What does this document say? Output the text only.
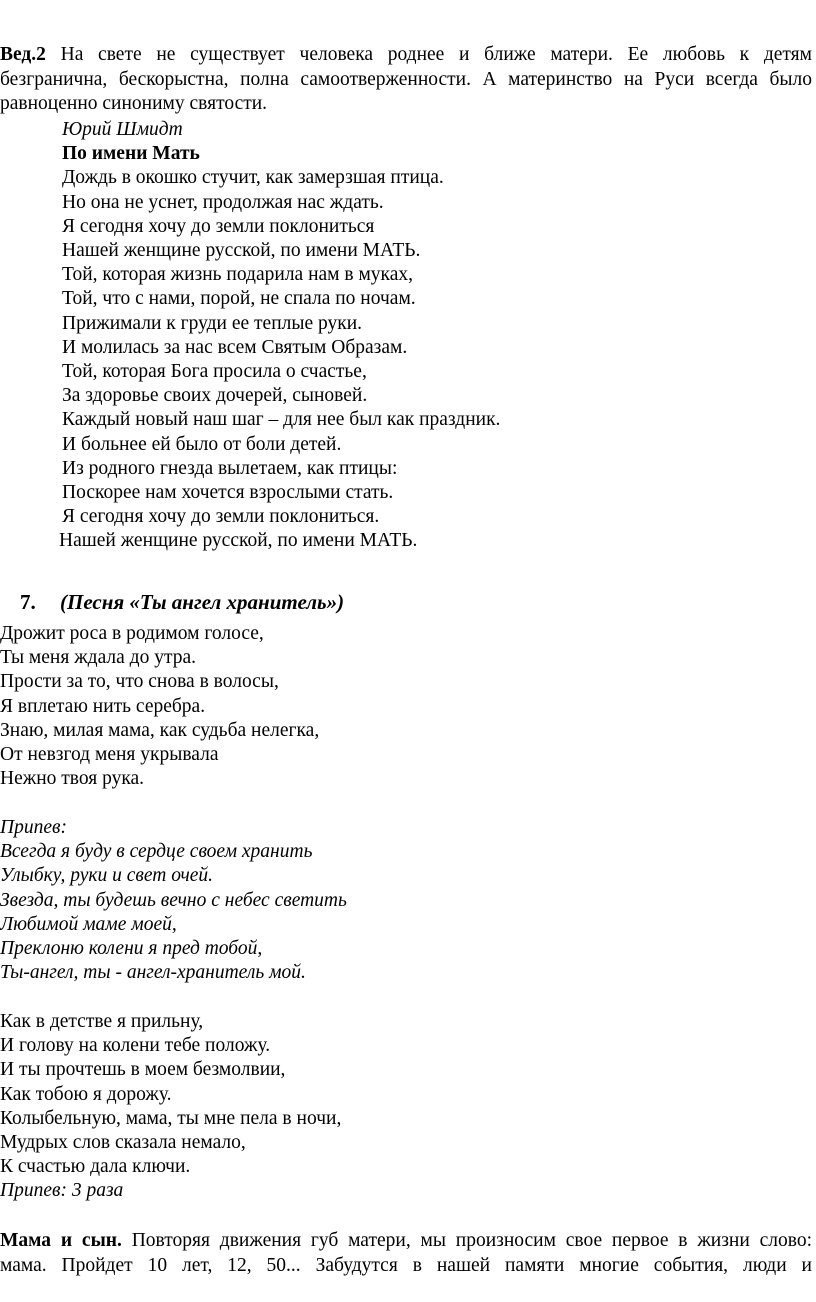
Вед.2 На свете не существует человека роднее и ближе матери. Ее любовь к детям
безгранична, бескорыстна, полна самоотверженности. А материнство на Руси всегда было
равноценно синониму святости.
Юрий Шмидт
По имени Мать
Дождь в окошко стучит, как замерзшая птица.
Но она не уснет, продолжая нас ждать.
Я сегодня хочу до земли поклониться
Нашей женщине русской, по имени МАТЬ.
Той, которая жизнь подарила нам в муках,
Той, что с нами, порой, не спала по ночам.
Прижимали к груди ее теплые руки.
И молилась за нас всем Святым Образам.
Той, которая Бога просила о счастье,
За здоровье своих дочерей, сыновей.
Каждый новый наш шаг – для нее был как праздник.
И больнее ей было от боли детей.
Из родного гнезда вылетаем, как птицы:
Поскорее нам хочется взрослыми стать.
Я сегодня хочу до земли поклониться.
Нашей женщине русской, по имени МАТЬ.
7. (Песня «Ты ангел хранитель»)
Дрожит роса в родимом голосе,
Ты меня ждала до утра.
Прости за то, что снова в волосы,
Я вплетаю нить серебра.
Знаю, милая мама, как судьба нелегка,
От невзгод меня укрывала
Нежно твоя рука.
Припев:
Всегда я буду в сердце своем хранить
Улыбку, руки и свет очей.
Звезда, ты будешь вечно с небес светить
Любимой маме моей,
Преклоню колени я пред тобой,
Ты-ангел, ты - ангел-хранитель мой.
Как в детстве я прильну,
И голову на колени тебе положу.
И ты прочтешь в моем безмолвии,
Как тобою я дорожу.
Колыбельную, мама, ты мне пела в ночи,
Мудрых слов сказала немало,
К счастью дала ключи.
Припев: 3 раза
Мама и сын. Повторяя движения губ матери, мы произносим свое первое в жизни слово:
мама. Пройдет 10 лет, 12, 50... Забудутся в нашей памяти многие события, люди и
